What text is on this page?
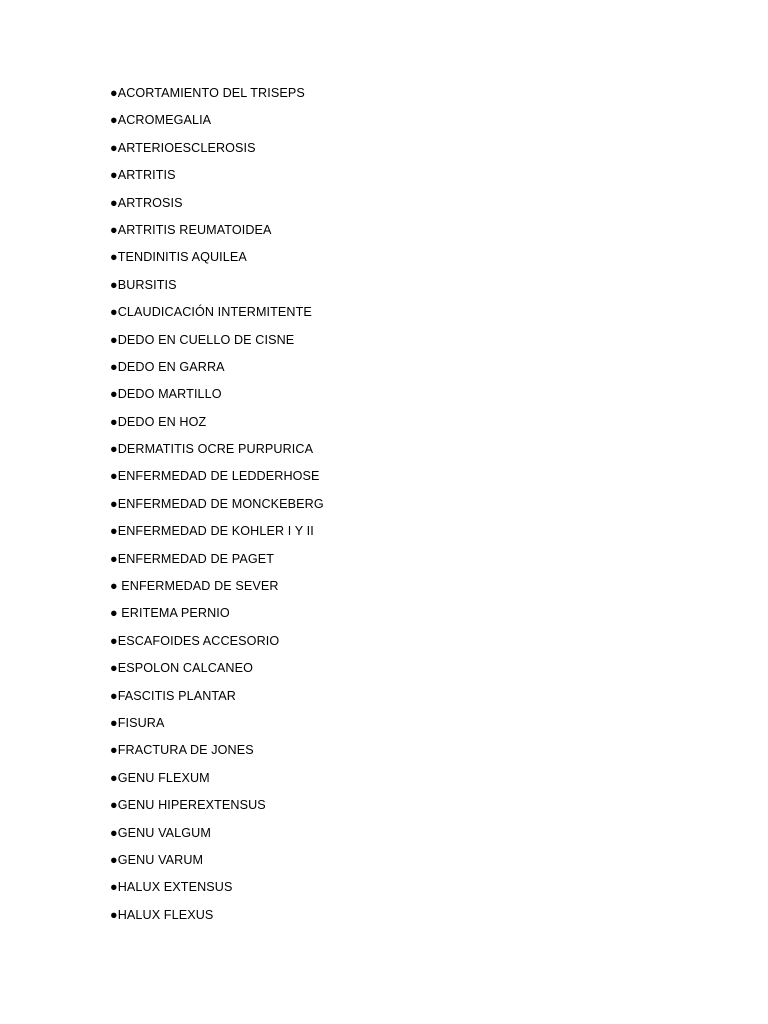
●ACORTAMIENTO DEL TRISEPS
●ACROMEGALIA
●ARTERIOESCLEROSIS
●ARTRITIS
●ARTROSIS
●ARTRITIS REUMATOIDEA
●TENDINITIS AQUILEA
●BURSITIS
●CLAUDICACIÓN INTERMITENTE
●DEDO EN CUELLO DE CISNE
●DEDO EN GARRA
●DEDO MARTILLO
●DEDO EN HOZ
●DERMATITIS OCRE PURPURICA
●ENFERMEDAD DE LEDDERHOSE
●ENFERMEDAD DE MONCKEBERG
●ENFERMEDAD DE KOHLER I Y II
●ENFERMEDAD DE PAGET
● ENFERMEDAD DE SEVER
● ERITEMA PERNIO
●ESCAFOIDES ACCESORIO
●ESPOLON CALCANEO
●FASCITIS PLANTAR
●FISURA
●FRACTURA DE JONES
●GENU FLEXUM
●GENU HIPEREXTENSUS
●GENU VALGUM
●GENU VARUM
●HALUX EXTENSUS
●HALUX FLEXUS
